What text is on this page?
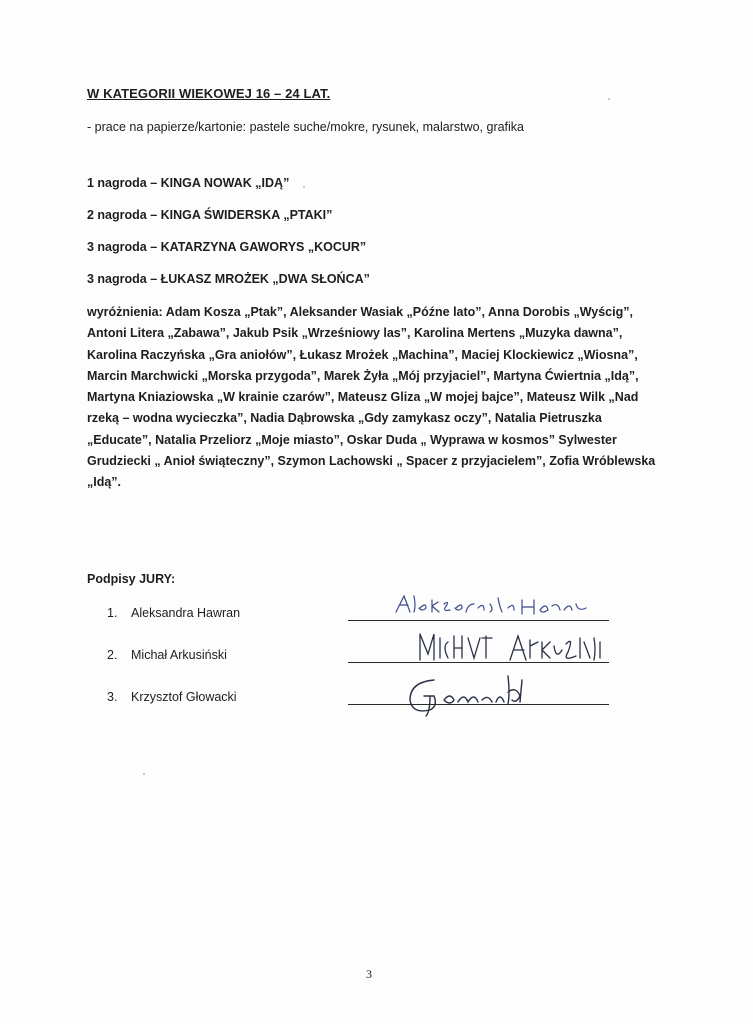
W KATEGORII WIEKOWEJ 16 – 24 LAT.
- prace na papierze/kartonie: pastele suche/mokre, rysunek, malarstwo, grafika
1 nagroda – KINGA NOWAK „IDĄ”
2 nagroda – KINGA ŚWIDERSKA „PTAKI”
3 nagroda – KATARZYNA GAWORYS „KOCUR”
3 nagroda – ŁUKASZ MROŻEK „DWA SŁOŃCA”
wyróżnienia: Adam Kosza „Ptak”, Aleksander Wasiak „Późne lato”, Anna Dorobis „Wyścig”, Antoni Litera „Zabawa”, Jakub Psik „Wrześniowy las”, Karolina Mertens „Muzyka dawna”, Karolina Raczyńska „Gra aniołów”, Łukasz Mrożek „Machina”, Maciej Klockiewicz „Wiosna”, Marcin Marchwicki „Morska przygoda”, Marek Żyła „Mój przyjaciel”, Martyna Ćwiertnia „Idą”, Martyna Kniaziowska „W krainie czarów”, Mateusz Gliza „W mojej bajce”, Mateusz Wilk „Nad rzeką – wodna wycieczka”, Nadia Dąbrowska „Gdy zamykasz oczy”, Natalia Pietruszka „Educate”, Natalia Przeliorz „Moje miasto”, Oskar Duda „ Wyprawa w kosmos” Sylwester Grudziecki „ Anioł świąteczny”, Szymon Lachowski „ Spacer z przyjacielem”, Zofia Wróblewska „Idą”.
Podpisy JURY:
1. Aleksandra Hawran
2. Michał Arkusiński
3. Krzysztof Głowacki
3
